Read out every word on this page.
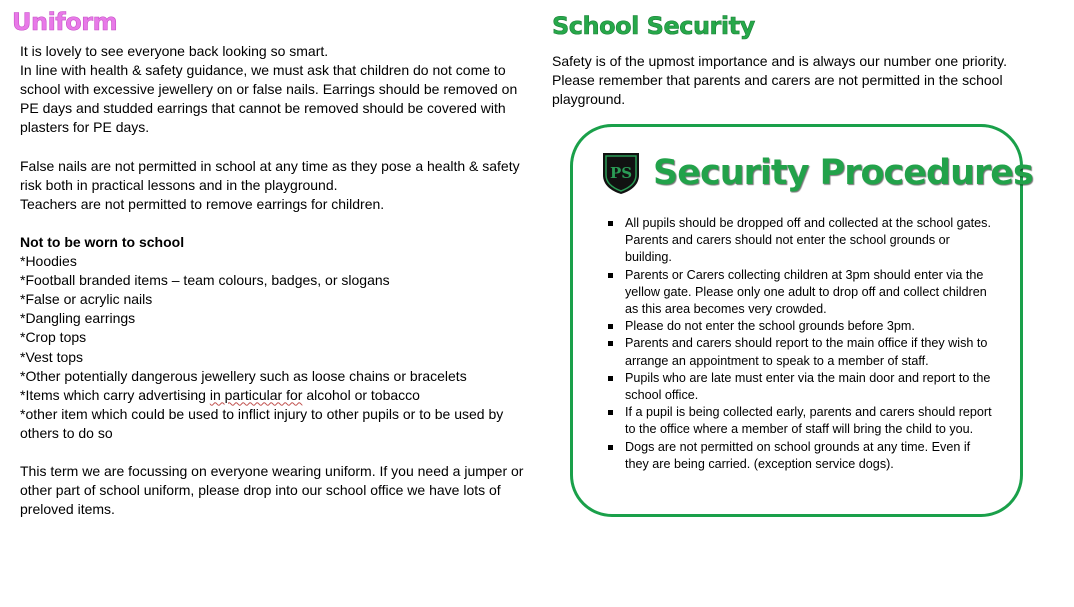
Uniform

It is lovely to see everyone back looking so smart.

In line with health & safety guidance, we must ask that children do not come to school with excessive jewellery on or false nails. Earrings should be removed on PE days and studded earrings that cannot be removed should be covered with plasters for PE days.

False nails are not permitted in school at any time as they pose a health & safety risk both in practical lessons and in the playground.

Teachers are not permitted to remove earrings for children.

Not to be worn to school

*Hoodies

*Football branded items – team colours, badges, or slogans

*False or acrylic nails

*Dangling earrings

*Crop tops

*Vest tops

*Other potentially dangerous jewellery such as loose chains or bracelets

*Items which carry advertising in particular for alcohol or tobacco

*other item which could be used to inflict injury to other pupils or to be used by others to do so

This term we are focussing on everyone wearing uniform. If you need a jumper or other part of school uniform, please drop into our school office we have lots of preloved items.

School Security

Safety is of the upmost importance and is always our number one priority. Please remember that parents and carers are not permitted in the school playground.

PS Security Procedures
All pupils should be dropped off and collected at the school gates. Parents and carers should not enter the school grounds or building.
Parents or Carers collecting children at 3pm should enter via the yellow gate. Please only one adult to drop off and collect children as this area becomes very crowded.
Please do not enter the school grounds before 3pm.
Parents and carers should report to the main office if they wish to arrange an appointment to speak to a member of staff.
Pupils who are late must enter via the main door and report to the school office.
If a pupil is being collected early, parents and carers should report to the office where a member of staff will bring the child to you.
Dogs are not permitted on school grounds at any time. Even if they are being carried. (exception service dogs).
